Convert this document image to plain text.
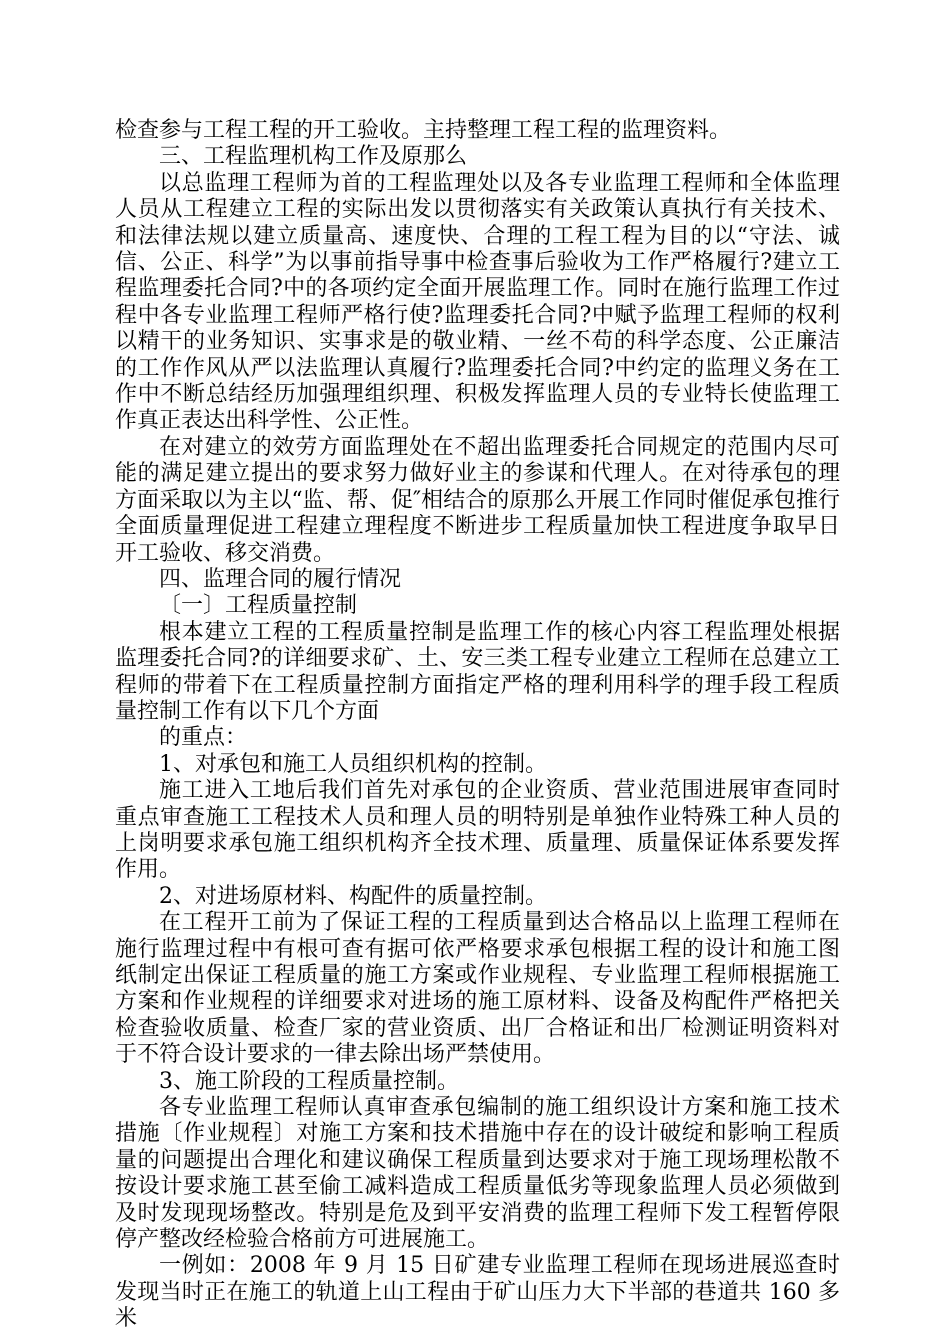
检查参与工程工程的开工验收。主持整理工程工程的监理资料。

三、工程监理机构工作及原那么

以总监理工程师为首的工程监理处以及各专业监理工程师和全体监理人员从工程建立工程的实际出发以贯彻落实有关政策认真执行有关技术、和法律法规以建立质量高、速度快、合理的工程工程为目的以“守法、诚信、公正、科学”为以事前指导事中检查事后验收为工作严格履行?建立工程监理委托合同?中的各项约定全面开展监理工作。同时在施行监理工作过程中各专业监理工程师严格行使?监理委托合同?中赋予监理工程师的权利以精干的业务知识、实事求是的敬业精、一丝不苟的科学态度、公正廉洁的工作作风从严以法监理认真履行?监理委托合同?中约定的监理义务在工作中不断总结经历加强理组织理、积极发挥监理人员的专业特长使监理工作真正表达出科学性、公正性。

在对建立的效劳方面监理处在不超出监理委托合同规定的范围内尽可能的满足建立提出的要求努力做好业主的参谋和代理人。在对待承包的理方面采取以为主以“监、帮、促″相结合的原那么开展工作同时催促承包推行全面质量理促进工程建立理程度不断进步工程质量加快工程进度争取早日开工验收、移交消费。

四、监理合同的履行情况

〔一〕工程质量控制

根本建立工程的工程质量控制是监理工作的核心内容工程监理处根据监理委托合同?的详细要求矿、土、安三类工程专业建立工程师在总建立工程师的带着下在工程质量控制方面指定严格的理利用科学的理手段工程质量控制工作有以下几个方面

的重点：

1、对承包和施工人员组织机构的控制。

施工进入工地后我们首先对承包的企业资质、营业范围进展审查同时重点审查施工工程技术人员和理人员的明特别是单独作业特殊工种人员的上岗明要求承包施工组织机构齐全技术理、质量理、质量保证体系要发挥作用。

2、对进场原材料、构配件的质量控制。

在工程开工前为了保证工程的工程质量到达合格品以上监理工程师在施行监理过程中有根可查有据可依严格要求承包根据工程的设计和施工图纸制定出保证工程质量的施工方案或作业规程、专业监理工程师根据施工方案和作业规程的详细要求对进场的施工原材料、设备及构配件严格把关检查验收质量、检查厂家的营业资质、出厂合格证和出厂检测证明资料对于不符合设计要求的一律去除出场严禁使用。

3、施工阶段的工程质量控制。

各专业监理工程师认真审查承包编制的施工组织设计方案和施工技术措施〔作业规程〕对施工方案和技术措施中存在的设计破绽和影响工程质量的问题提出合理化和建议确保工程质量到达要求对于施工现场理松散不按设计要求施工甚至偷工减料造成工程质量低劣等现象监理人员必须做到及时发现现场整改。特别是危及到平安消费的监理工程师下发工程暂停限停产整改经检验合格前方可进展施工。

一例如：2008 年 9 月 15 日矿建专业监理工程师在现场进展巡查时发现当时正在施工的轨道上山工程由于矿山压力大下半部的巷道共 160 多米
